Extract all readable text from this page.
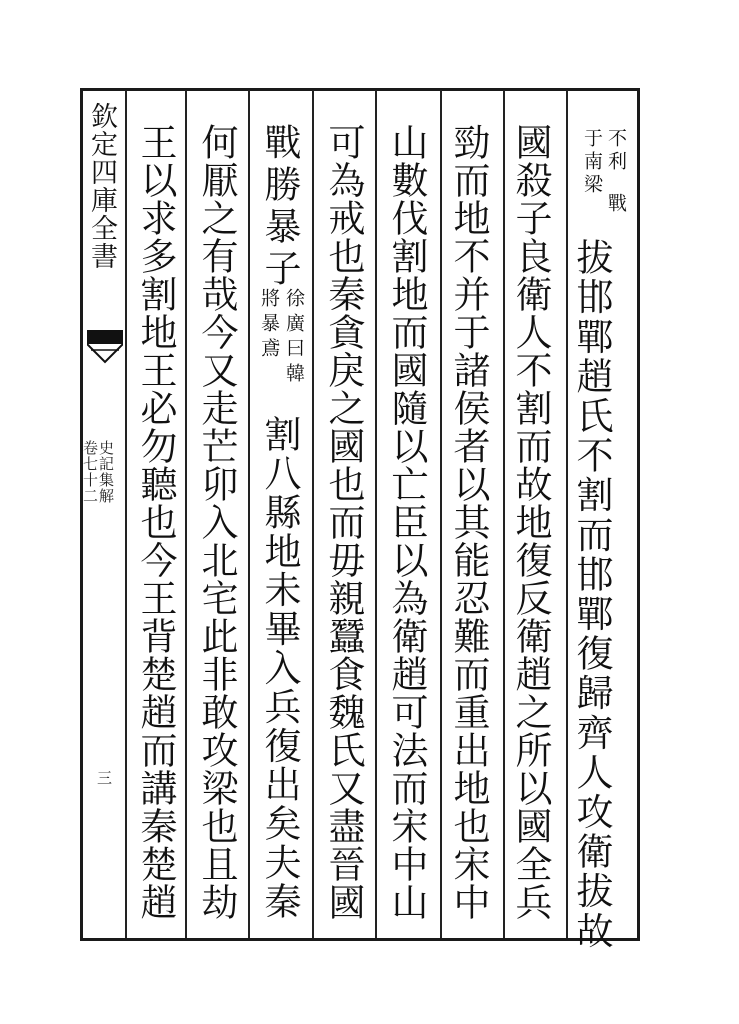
欽定四庫全書
史記集解
卷七十二
三
不利
戰
于南梁
拔邯鄲趙氏不割而邯鄲復歸齊人攻衛拔故
國殺子良衛人不割而故地復反衛趙之所以國全兵
勁而地不并于諸侯者以其能忍難而重出地也宋中
山數伐割地而國隨以亡臣以為衛趙可法而宋中山
可為戒也秦貪戾之國也而毋親蠶食魏氏又盡晉國
戰勝暴子
徐廣曰韓
將暴鳶
割八縣地未畢入兵復出矣夫秦
何厭之有哉今又走芒卯入北宅此非敢攻梁也且劫
王以求多割地王必勿聽也今王背楚趙而講秦楚趙
